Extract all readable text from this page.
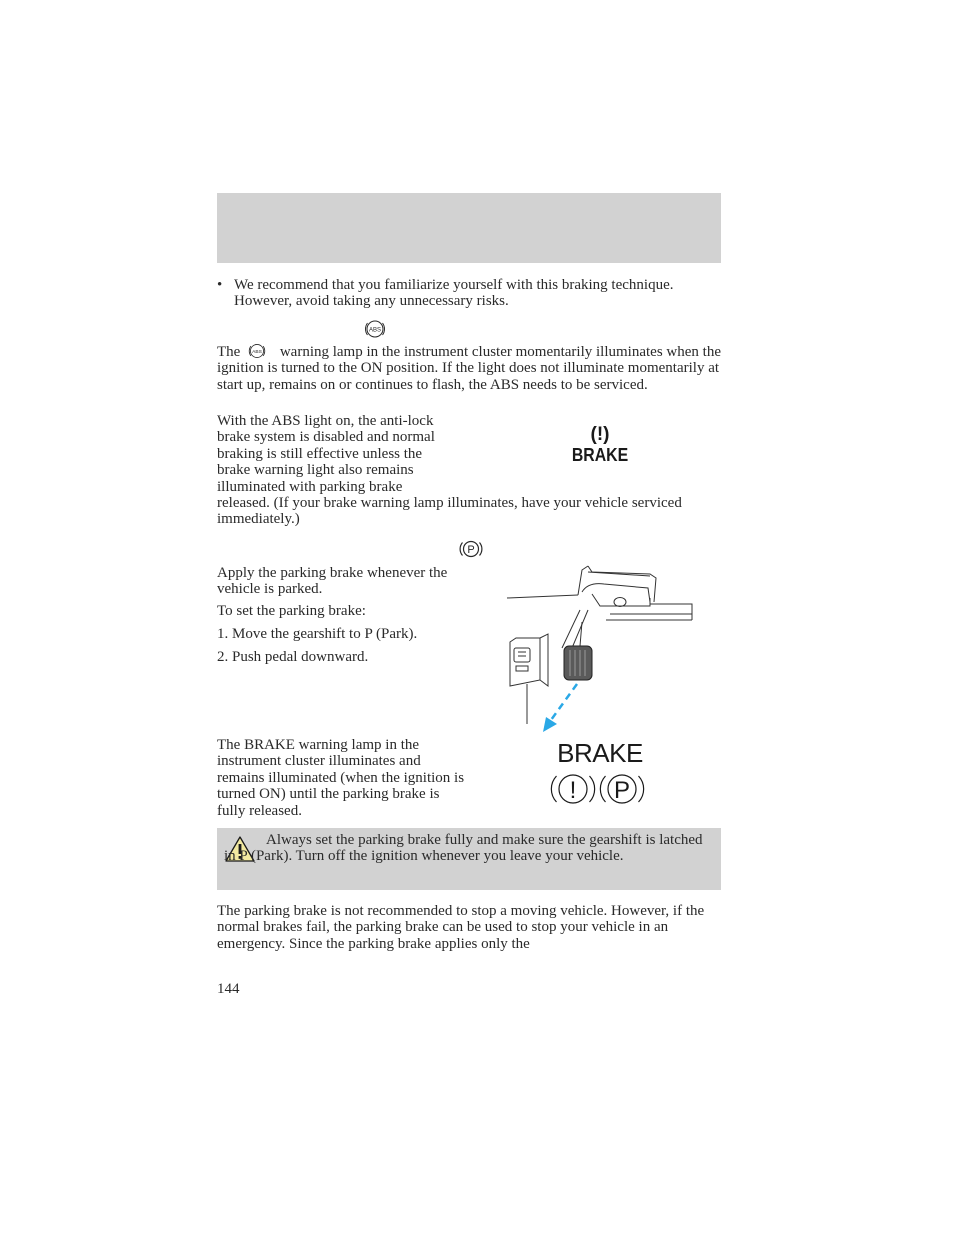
• We recommend that you familiarize yourself with this braking technique. However, avoid taking any unnecessary risks.
ABS
The ABS warning lamp in the instrument cluster momentarily illuminates when the ignition is turned to the ON position. If the light does not illuminate momentarily at start up, remains on or continues to flash, the ABS needs to be serviced.
With the ABS light on, the anti-lock
brake system is disabled and normal
braking is still effective unless the
brake warning light also remains
illuminated with parking brake
released. (If your brake warning lamp illuminates, have your vehicle serviced immediately.)
(!)
BRAKE
P
Apply the parking brake whenever the vehicle is parked.
To set the parking brake:
1. Move the gearshift to P (Park).
2. Push pedal downward.
The BRAKE warning lamp in the instrument cluster illuminates and remains illuminated (when the ignition is turned ON) until the parking brake is fully released.
BRAKE
! P
Always set the parking brake fully and make sure the gearshift is latched in P (Park). Turn off the ignition whenever you leave your vehicle.
The parking brake is not recommended to stop a moving vehicle. However, if the normal brakes fail, the parking brake can be used to stop your vehicle in an emergency. Since the parking brake applies only the
144
